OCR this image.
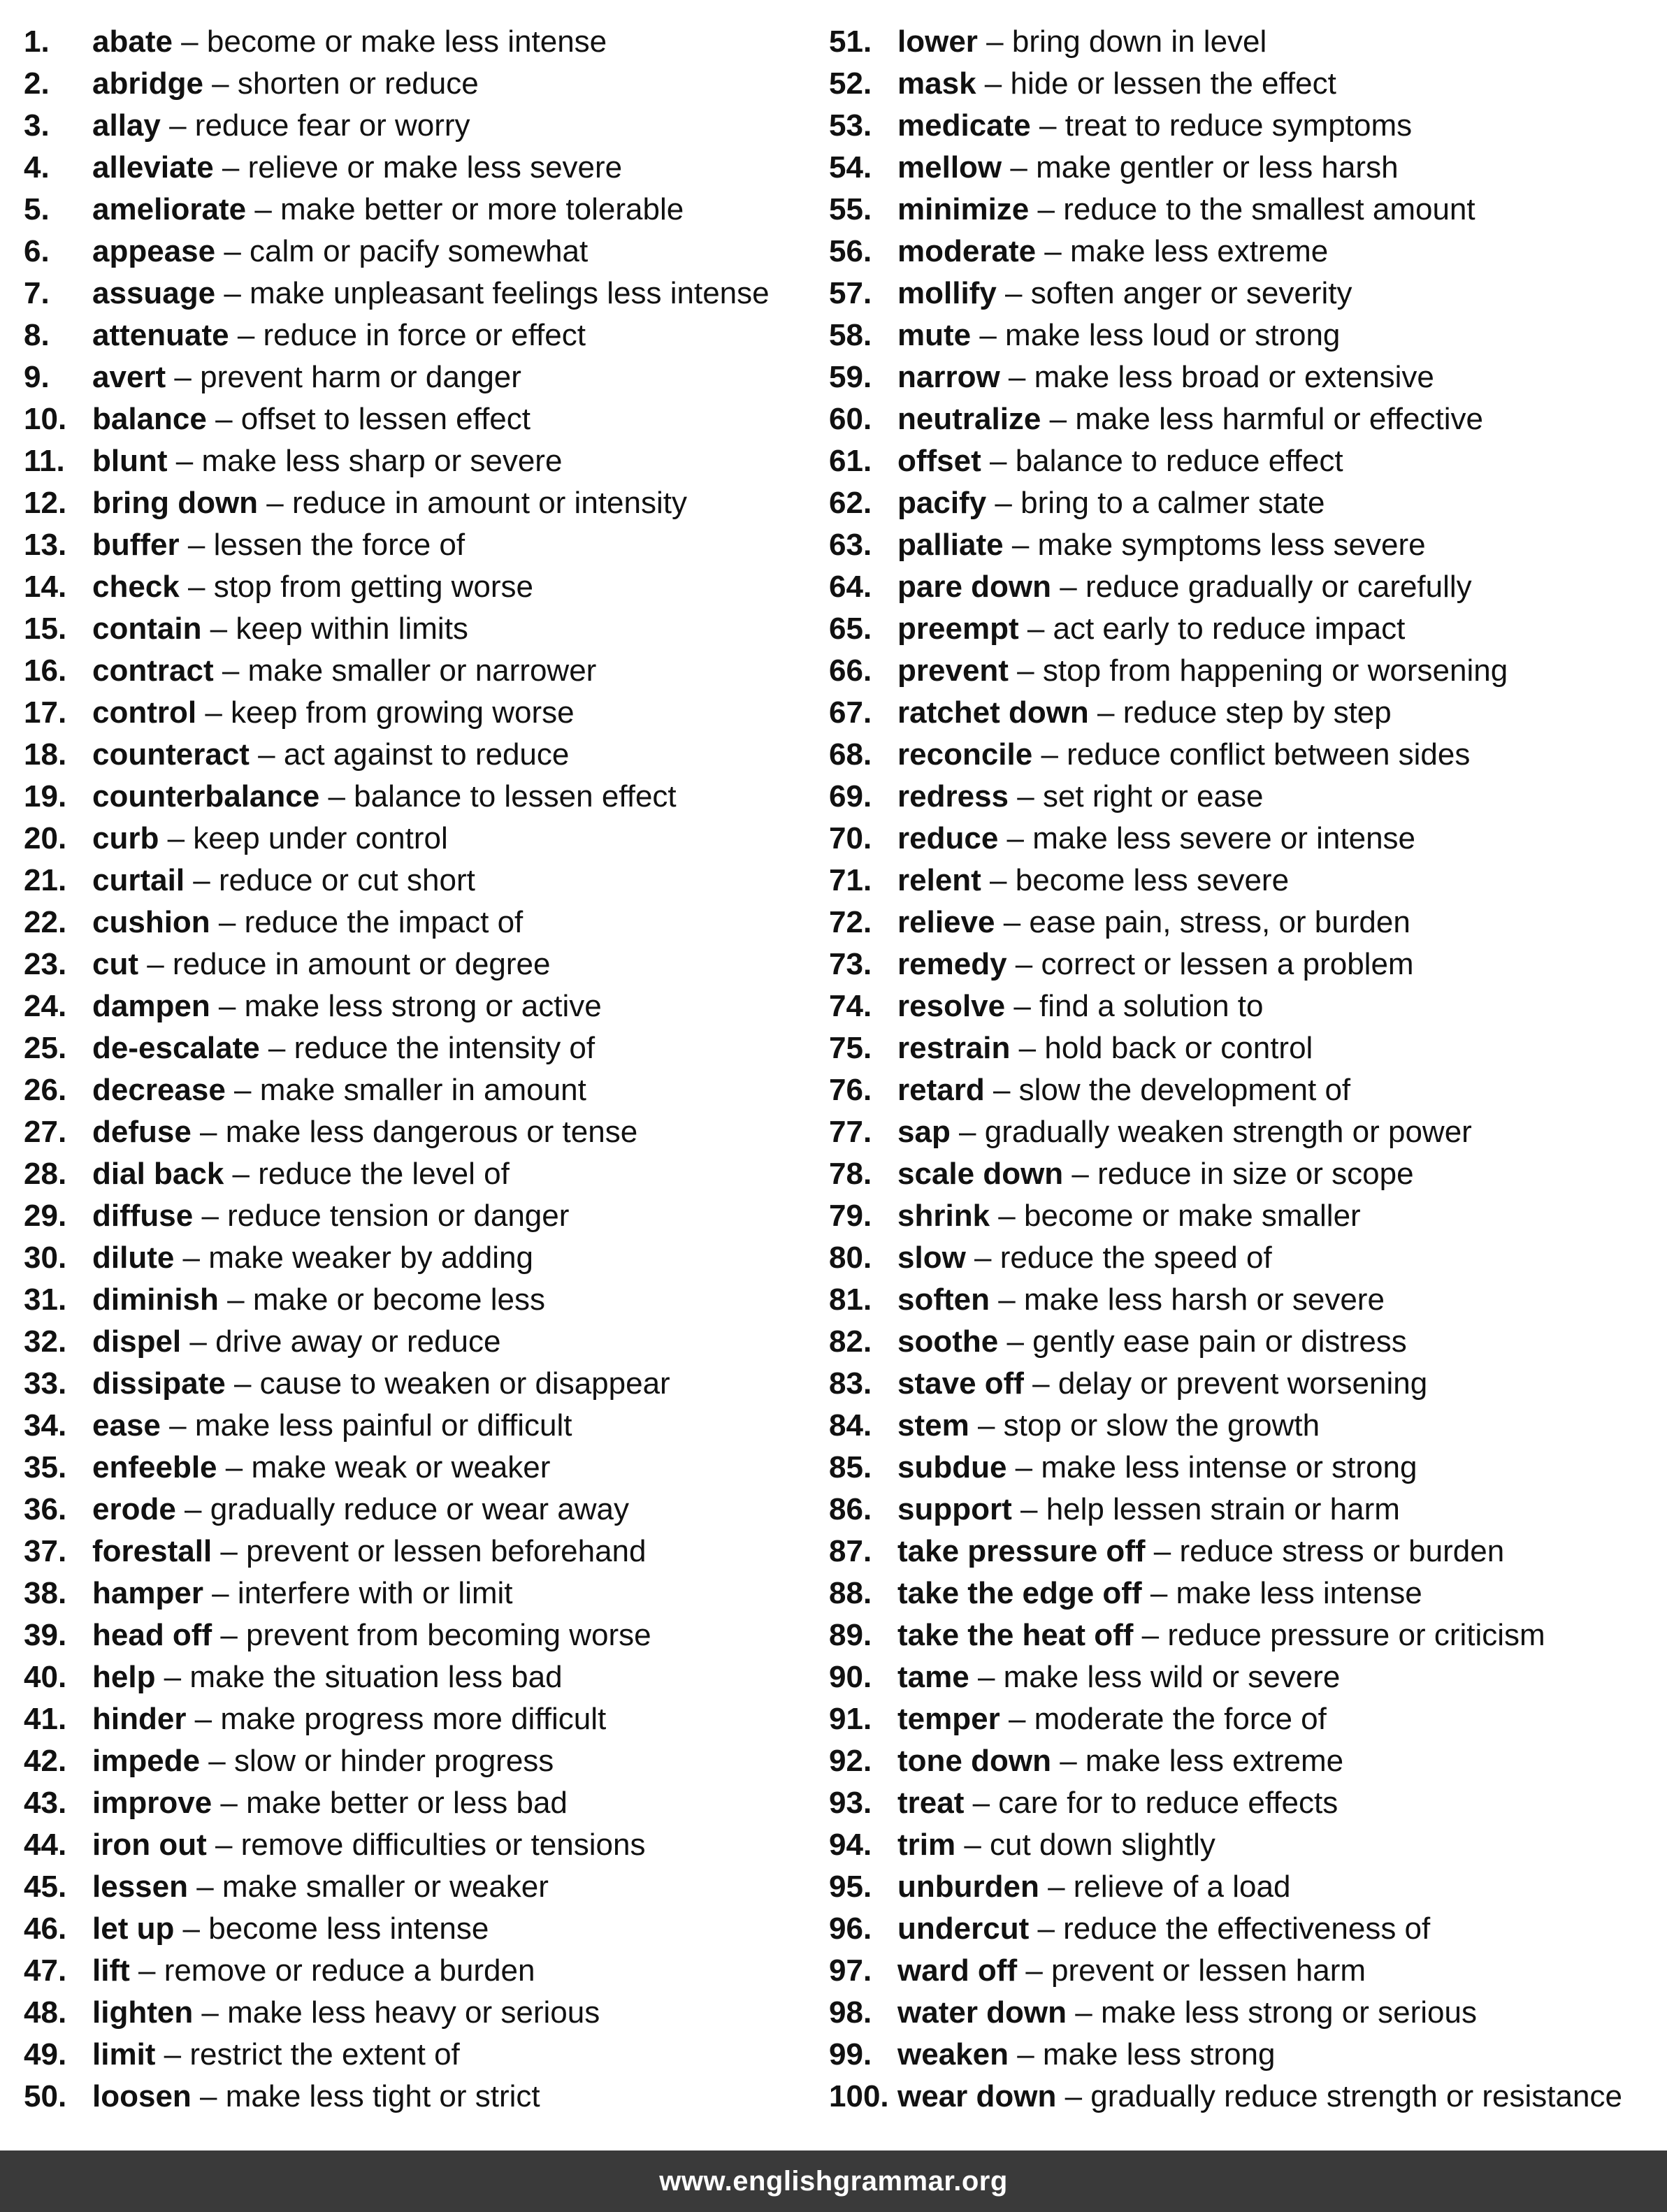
1. abate – become or make less intense
2. abridge – shorten or reduce
3. allay – reduce fear or worry
4. alleviate – relieve or make less severe
5. ameliorate – make better or more tolerable
6. appease – calm or pacify somewhat
7. assuage – make unpleasant feelings less intense
8. attenuate – reduce in force or effect
9. avert – prevent harm or danger
10. balance – offset to lessen effect
11. blunt – make less sharp or severe
12. bring down – reduce in amount or intensity
13. buffer – lessen the force of
14. check – stop from getting worse
15. contain – keep within limits
16. contract – make smaller or narrower
17. control – keep from growing worse
18. counteract – act against to reduce
19. counterbalance – balance to lessen effect
20. curb – keep under control
21. curtail – reduce or cut short
22. cushion – reduce the impact of
23. cut – reduce in amount or degree
24. dampen – make less strong or active
25. de-escalate – reduce the intensity of
26. decrease – make smaller in amount
27. defuse – make less dangerous or tense
28. dial back – reduce the level of
29. diffuse – reduce tension or danger
30. dilute – make weaker by adding
31. diminish – make or become less
32. dispel – drive away or reduce
33. dissipate – cause to weaken or disappear
34. ease – make less painful or difficult
35. enfeeble – make weak or weaker
36. erode – gradually reduce or wear away
37. forestall – prevent or lessen beforehand
38. hamper – interfere with or limit
39. head off – prevent from becoming worse
40. help – make the situation less bad
41. hinder – make progress more difficult
42. impede – slow or hinder progress
43. improve – make better or less bad
44. iron out – remove difficulties or tensions
45. lessen – make smaller or weaker
46. let up – become less intense
47. lift – remove or reduce a burden
48. lighten – make less heavy or serious
49. limit – restrict the extent of
50. loosen – make less tight or strict
51. lower – bring down in level
52. mask – hide or lessen the effect
53. medicate – treat to reduce symptoms
54. mellow – make gentler or less harsh
55. minimize – reduce to the smallest amount
56. moderate – make less extreme
57. mollify – soften anger or severity
58. mute – make less loud or strong
59. narrow – make less broad or extensive
60. neutralize – make less harmful or effective
61. offset – balance to reduce effect
62. pacify – bring to a calmer state
63. palliate – make symptoms less severe
64. pare down – reduce gradually or carefully
65. preempt – act early to reduce impact
66. prevent – stop from happening or worsening
67. ratchet down – reduce step by step
68. reconcile – reduce conflict between sides
69. redress – set right or ease
70. reduce – make less severe or intense
71. relent – become less severe
72. relieve – ease pain, stress, or burden
73. remedy – correct or lessen a problem
74. resolve – find a solution to
75. restrain – hold back or control
76. retard – slow the development of
77. sap – gradually weaken strength or power
78. scale down – reduce in size or scope
79. shrink – become or make smaller
80. slow – reduce the speed of
81. soften – make less harsh or severe
82. soothe – gently ease pain or distress
83. stave off – delay or prevent worsening
84. stem – stop or slow the growth
85. subdue – make less intense or strong
86. support – help lessen strain or harm
87. take pressure off – reduce stress or burden
88. take the edge off – make less intense
89. take the heat off – reduce pressure or criticism
90. tame – make less wild or severe
91. temper – moderate the force of
92. tone down – make less extreme
93. treat – care for to reduce effects
94. trim – cut down slightly
95. unburden – relieve of a load
96. undercut – reduce the effectiveness of
97. ward off – prevent or lessen harm
98. water down – make less strong or serious
99. weaken – make less strong
100. wear down – gradually reduce strength or resistance
www.englishgrammar.org
